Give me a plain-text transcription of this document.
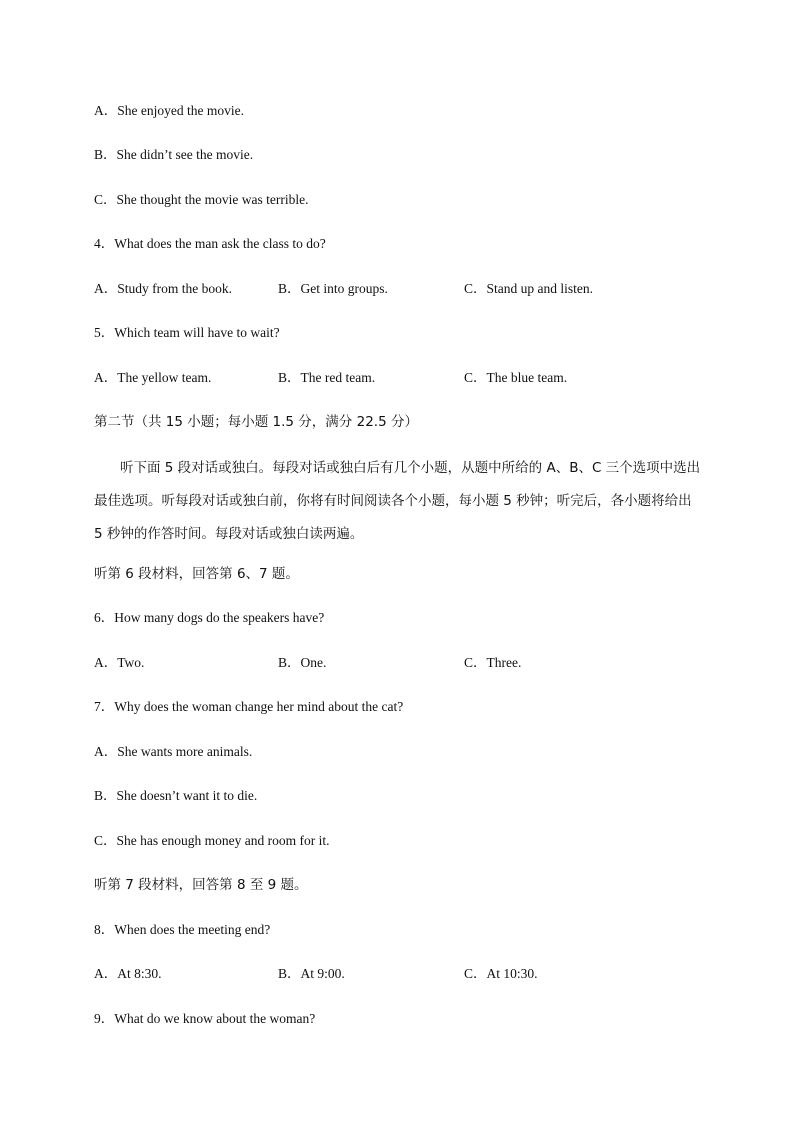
A．She enjoyed the movie.
B．She didn’t see the movie.
C．She thought the movie was terrible.
4．What does the man ask the class to do?
A．Study from the book.	B．Get into groups.	C．Stand up and listen.
5．Which team will have to wait?
A．The yellow team.	B．The red team.	C．The blue team.
第二节（共 15 小题；每小题 1.5 分，满分 22.5 分）
听下面 5 段对话或独白。每段对话或独白后有几个小题，从题中所给的 A、B、C 三个选项中选出最佳选项。听每段对话或独白前，你将有时间阅读各个小题，每小题 5 秒钟；听完后，各小题将给出 5 秒钟的作答时间。每段对话或独白读两遍。
听第 6 段材料，回答第 6、7 题。
6．How many dogs do the speakers have?
A．Two.	B．One.	C．Three.
7．Why does the woman change her mind about the cat?
A．She wants more animals.
B．She doesn’t want it to die.
C．She has enough money and room for it.
听第 7 段材料，回答第 8 至 9 题。
8．When does the meeting end?
A．At 8:30.	B．At 9:00.	C．At 10:30.
9．What do we know about the woman?
